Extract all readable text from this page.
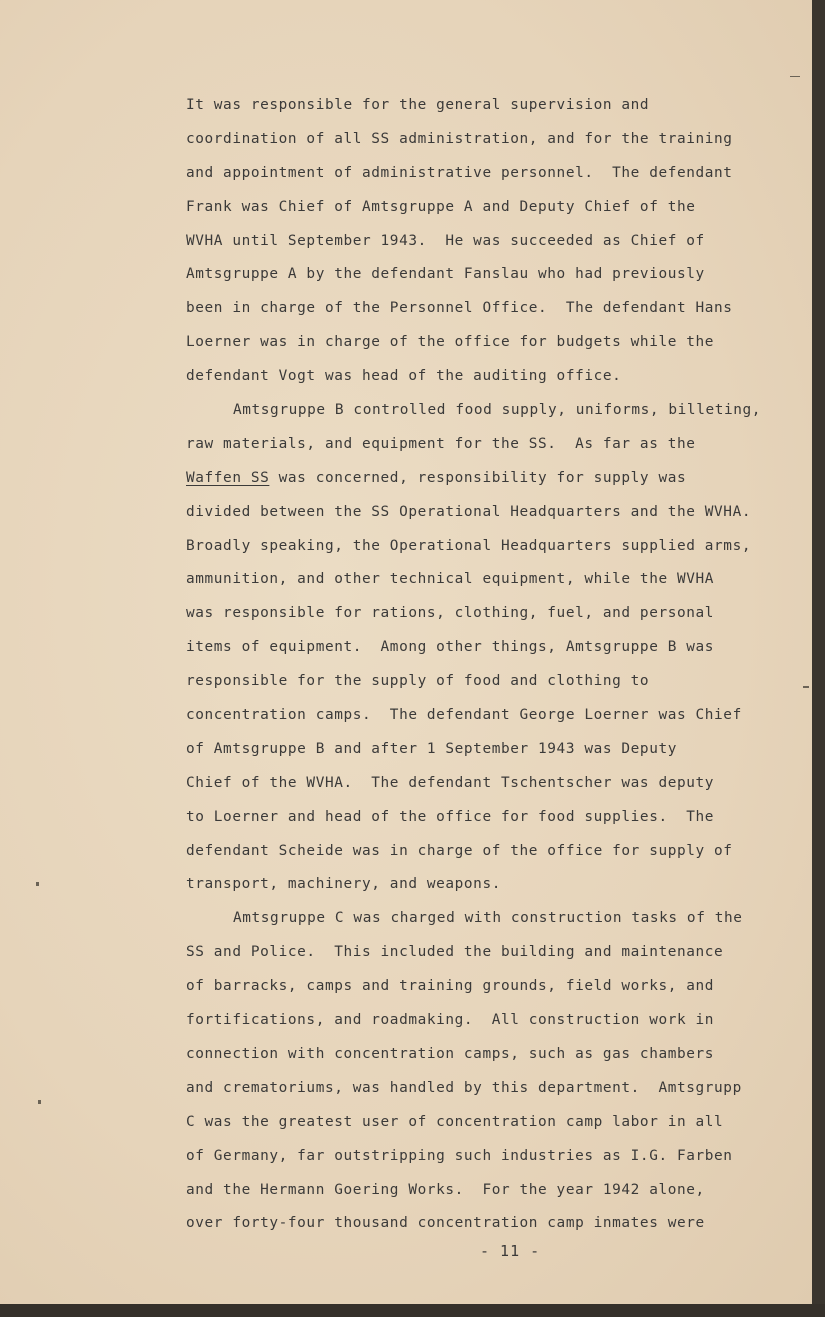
It was responsible for the general supervision and
coordination of all SS administration, and for the training
and appointment of administrative personnel.  The defendant
Frank was Chief of Amtsgruppe A and Deputy Chief of the
WVHA until September 1943.  He was succeeded as Chief of
Amtsgruppe A by the defendant Fanslau who had previously
been in charge of the Personnel Office.  The defendant Hans
Loerner was in charge of the office for budgets while the
defendant Vogt was head of the auditing office.
Amtsgruppe B controlled food supply, uniforms, billeting,
raw materials, and equipment for the SS.  As far as the
Waffen SS was concerned, responsibility for supply was
divided between the SS Operational Headquarters and the WVHA.
Broadly speaking, the Operational Headquarters supplied arms,
ammunition, and other technical equipment, while the WVHA
was responsible for rations, clothing, fuel, and personal
items of equipment.  Among other things, Amtsgruppe B was
responsible for the supply of food and clothing to
concentration camps.  The defendant George Loerner was Chief
of Amtsgruppe B and after 1 September 1943 was Deputy
Chief of the WVHA.  The defendant Tschentscher was deputy
to Loerner and head of the office for food supplies.  The
defendant Scheide was in charge of the office for supply of
transport, machinery, and weapons.
Amtsgruppe C was charged with construction tasks of the
SS and Police.  This included the building and maintenance
of barracks, camps and training grounds, field works, and
fortifications, and roadmaking.  All construction work in
connection with concentration camps, such as gas chambers
and crematoriums, was handled by this department.  Amtsgrupp
C was the greatest user of concentration camp labor in all
of Germany, far outstripping such industries as I.G. Farben
and the Hermann Goering Works.  For the year 1942 alone,
over forty-four thousand concentration camp inmates were
- 11 -
